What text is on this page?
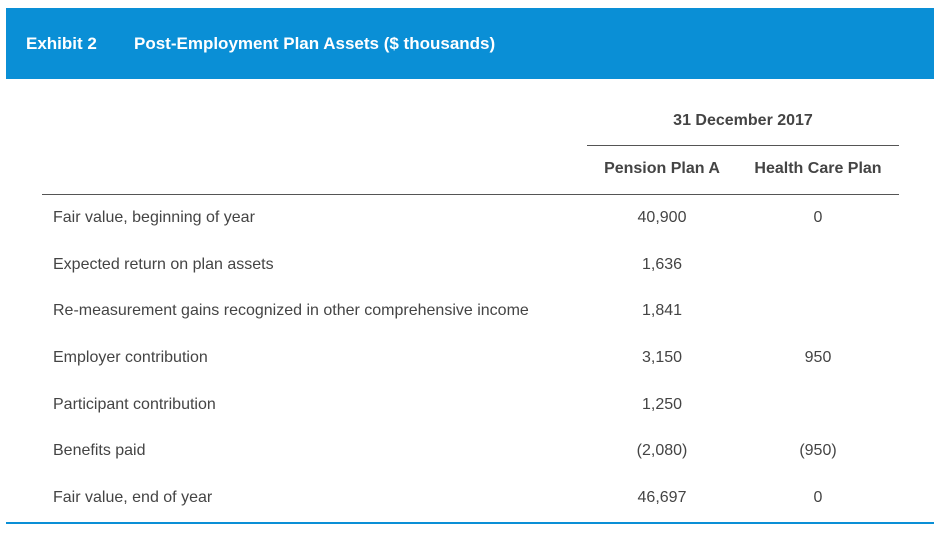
Exhibit 2 Post-Employment Plan Assets ($ thousands)
31 December 2017
Pension Plan A	Health Care Plan
Fair value, beginning of year	40,900	0
Expected return on plan assets	1,636
Re-measurement gains recognized in other comprehensive income	1,841
Employer contribution	3,150	950
Participant contribution	1,250
Benefits paid	(2,080)	(950)
Fair value, end of year	46,697	0
